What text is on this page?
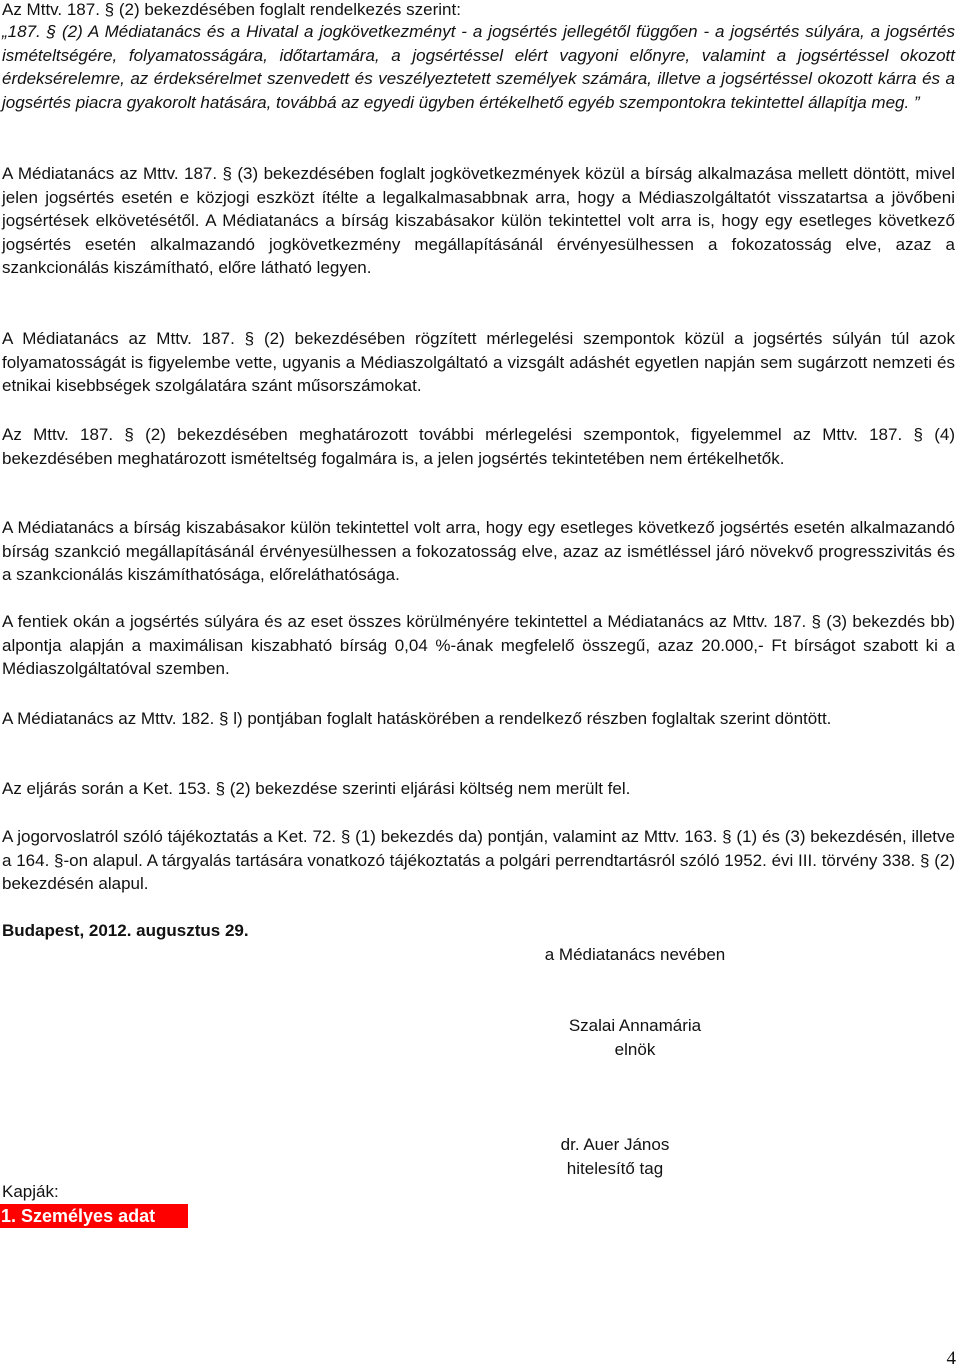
Az Mttv. 187. § (2) bekezdésében foglalt rendelkezés szerint:

„187. § (2) A Médiatanács és a Hivatal a jogkövetkezményt - a jogsértés jellegétől függően - a jogsértés súlyára, a jogsértés ismételtségére, folyamatosságára, időtartamára, a jogsértéssel elért vagyoni előnyre, valamint a jogsértéssel okozott érdeksérelemre, az érdeksérelmet szenvedett és veszélyeztetett személyek számára, illetve a jogsértéssel okozott kárra és a jogsértés piacra gyakorolt hatására, továbbá az egyedi ügyben értékelhető egyéb szempontokra tekintettel állapítja meg. ”

A Médiatanács az Mttv. 187. § (3) bekezdésében foglalt jogkövetkezmények közül a bírság alkalmazása mellett döntött, mivel jelen jogsértés esetén e közjogi eszközt ítélte a legalkalmasabbnak arra, hogy a Médiaszolgáltatót visszatartsa a jövőbeni jogsértések elkövetésétől. A Médiatanács a bírság kiszabásakor külön tekintettel volt arra is, hogy egy esetleges következő jogsértés esetén alkalmazandó jogkövetkezmény megállapításánál érvényesülhessen a fokozatosság elve, azaz a szankcionálás kiszámítható, előre látható legyen.

A Médiatanács az Mttv. 187. § (2) bekezdésében rögzített mérlegelési szempontok közül a jogsértés súlyán túl azok folyamatosságát is figyelembe vette, ugyanis a Médiaszolgáltató a vizsgált adáshét egyetlen napján sem sugárzott nemzeti és etnikai kisebbségek szolgálatára szánt műsorszámokat.

Az Mttv. 187. § (2) bekezdésében meghatározott további mérlegelési szempontok, figyelemmel az Mttv. 187. § (4) bekezdésében meghatározott ismételtség fogalmára is, a jelen jogsértés tekintetében nem értékelhetők.

A Médiatanács a bírság kiszabásakor külön tekintettel volt arra, hogy egy esetleges következő jogsértés esetén alkalmazandó bírság szankció megállapításánál érvényesülhessen a fokozatosság elve, azaz az ismétléssel járó növekvő progresszivitás és a szankcionálás kiszámíthatósága, előreláthatósága.

A fentiek okán a jogsértés súlyára és az eset összes körülményére tekintettel a Médiatanács az Mttv. 187. § (3) bekezdés bb) alpontja alapján a maximálisan kiszabható bírság 0,04 %-ának megfelelő összegű, azaz 20.000,- Ft bírságot szabott ki a Médiaszolgáltatóval szemben.

A Médiatanács az Mttv. 182. § l) pontjában foglalt hatáskörében a rendelkező részben foglaltak szerint döntött.

Az eljárás során a Ket. 153. § (2) bekezdése szerinti eljárási költség nem merült fel.

A jogorvoslatról szóló tájékoztatás a Ket. 72. § (1) bekezdés da) pontján, valamint az Mttv. 163. § (1) és (3) bekezdésén, illetve a 164. §-on alapul. A tárgyalás tartására vonatkozó tájékoztatás a polgári perrendtartásról szóló 1952. évi III. törvény 338. § (2) bekezdésén alapul.

Budapest, 2012. augusztus 29.

a Médiatanács nevében
Szalai Annamária
elnök
dr. Auer János
hitelesítő tag
Kapják:
1. Személyes adat
4
